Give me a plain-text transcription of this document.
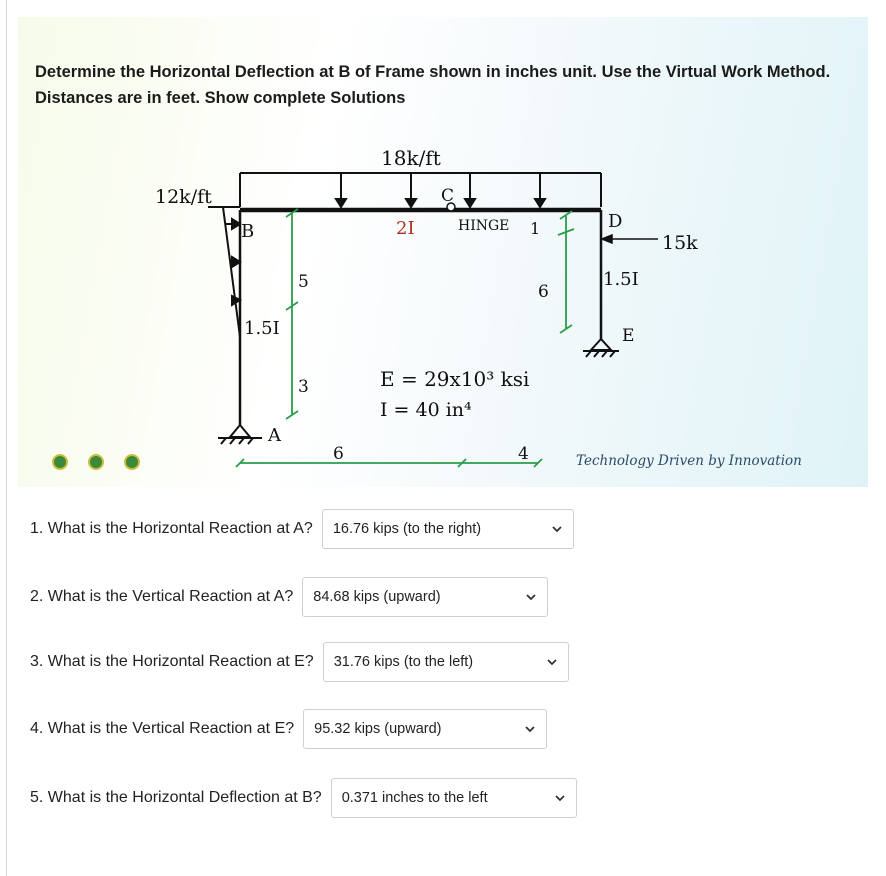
Determine the Horizontal Deflection at B of Frame shown in inches unit. Use the Virtual Work Method. Distances are in feet. Show complete Solutions
18k/ft
12k/ft
B
C
HINGE
2I	1	D
15k
1.5I
E
5	6
1.5I
3
A
6	4
E = 29x10³ ksi
I = 40 in⁴
Technology Driven by Innovation
1. What is the Horizontal Reaction at A? 16.76 kips (to the right)
2. What is the Vertical Reaction at A? 84.68 kips (upward)
3. What is the Horizontal Reaction at E? 31.76 kips (to the left)
4. What is the Vertical Reaction at E? 95.32 kips (upward)
5. What is the Horizontal Deflection at B? 0.371 inches to the left
